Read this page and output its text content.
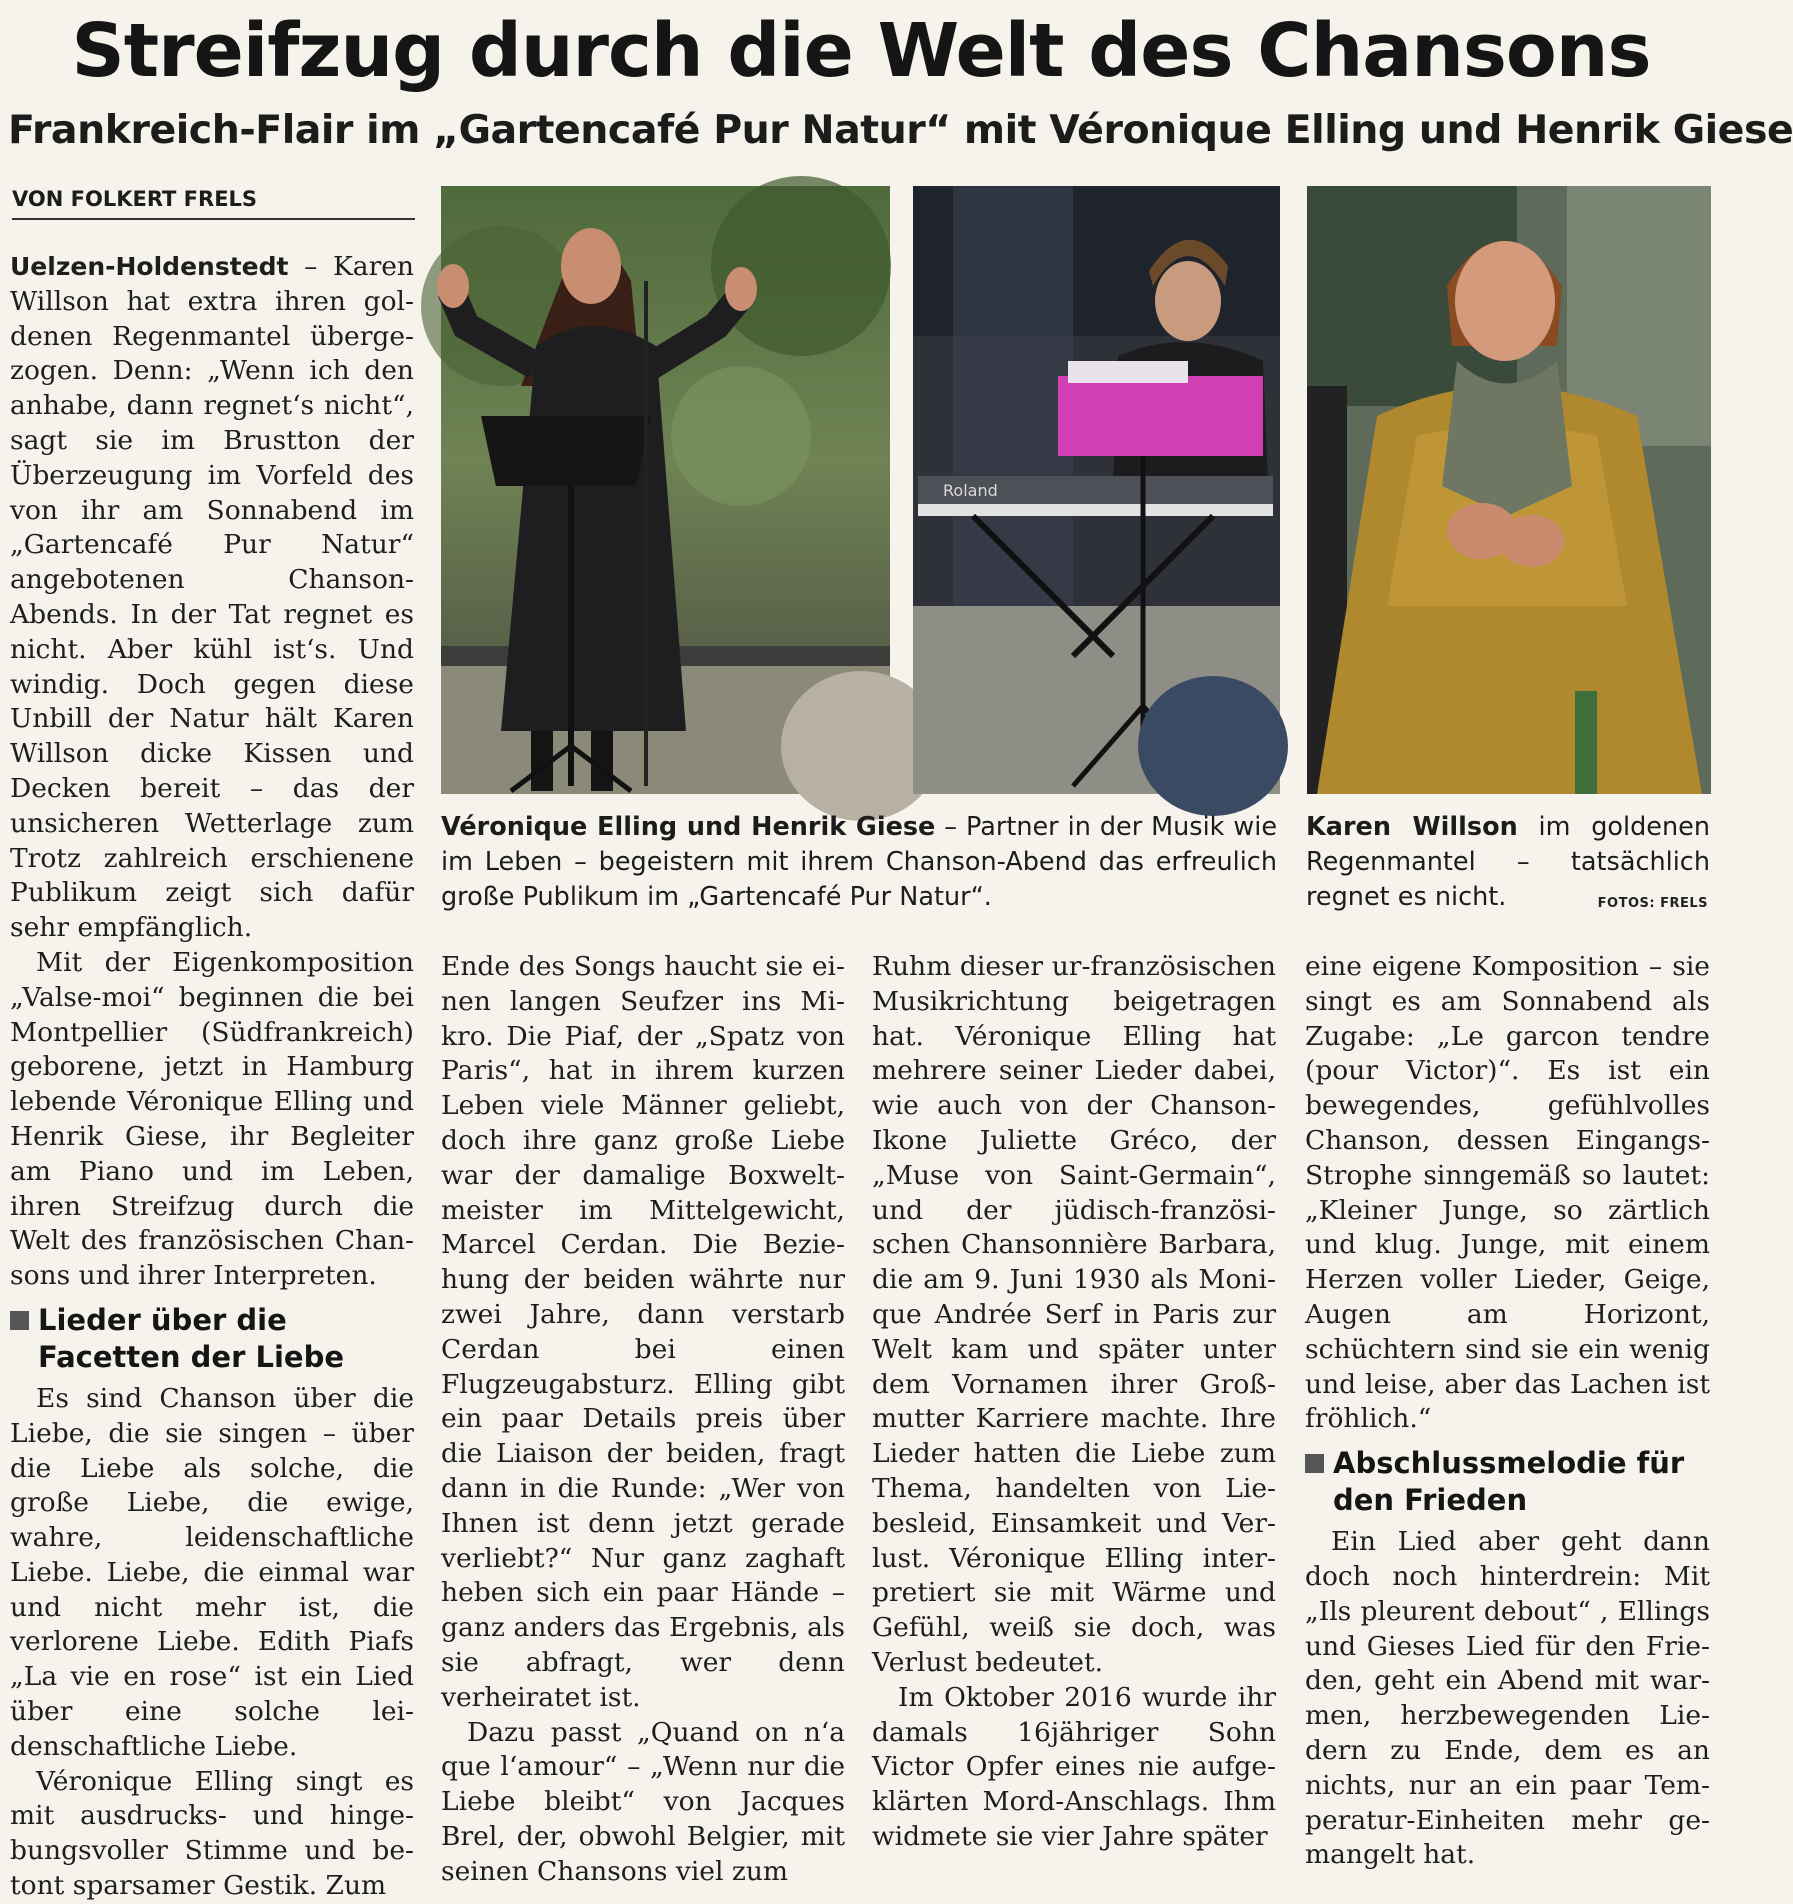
Streifzug durch die Welt des Chansons
Frankreich-Flair im „Gartencafé Pur Natur“ mit Véronique Elling und Henrik Giese
VON FOLKERT FRELS
Roland
Véronique Elling und Henrik Giese – Partner in der Musik wie im Leben – begeistern mit ihrem Chanson-Abend das erfreulich große Publikum im „Gartencafé Pur Natur“.
Karen Willson im goldenen Regenmantel – tatsächlich regnet es nicht.	FOTOS: FRELS

Uelzen-Holdenstedt – Karen Willson hat extra ihren goldenen Regenmantel übergezogen. Denn: „Wenn ich den anhabe, dann regnet‘s nicht“, sagt sie im Brustton der Überzeugung im Vorfeld des von ihr am Sonnabend im „Gartencafé Pur Natur“ angebotenen Chanson-Abends. In der Tat regnet es nicht. Aber kühl ist‘s. Und windig. Doch gegen diese Unbill der Natur hält Karen Willson dicke Kissen und Decken bereit – das der unsicheren Wetterlage zum Trotz zahlreich erschienene Publikum zeigt sich dafür sehr empfänglich.

Mit der Eigenkomposition „Valse-moi“ beginnen die bei Montpellier (Südfrankreich) geborene, jetzt in Hamburg lebende Véronique Elling und Henrik Giese, ihr Begleiter am Piano und im Leben, ihren Streifzug durch die Welt des französischen Chansons und ihrer Interpreten.

Lieder über die Facetten der Liebe

Es sind Chanson über die Liebe, die sie singen – über die Liebe als solche, die große Liebe, die ewige, wahre, leidenschaftliche Liebe. Liebe, die einmal war und nicht mehr ist, die verlorene Liebe. Edith Piafs „La vie en rose“ ist ein Lied über eine solche leidenschaftliche Liebe.

Véronique Elling singt es mit ausdrucks- und hingebungsvoller Stimme und betont sparsamer Gestik. Zum

Ende des Songs haucht sie einen langen Seufzer ins Mikro. Die Piaf, der „Spatz von Paris“, hat in ihrem kurzen Leben viele Männer geliebt, doch ihre ganz große Liebe war der damalige Boxweltmeister im Mittelgewicht, Marcel Cerdan. Die Beziehung der beiden währte nur zwei Jahre, dann verstarb Cerdan bei einen Flugzeugabsturz. Elling gibt ein paar Details preis über die Liaison der beiden, fragt dann in die Runde: „Wer von Ihnen ist denn jetzt gerade verliebt?“ Nur ganz zaghaft heben sich ein paar Hände – ganz anders das Ergebnis, als sie abfragt, wer denn verheiratet ist.

Dazu passt „Quand on n‘a que l‘amour“ – „Wenn nur die Liebe bleibt“ von Jacques Brel, der, obwohl Belgier, mit seinen Chansons viel zum

Ruhm dieser ur-französischen Musikrichtung beigetragen hat. Véronique Elling hat mehrere seiner Lieder dabei, wie auch von der Chanson-Ikone Juliette Gréco, der „Muse von Saint-Germain“, und der jüdisch-französischen Chansonnière Barbara, die am 9. Juni 1930 als Monique Andrée Serf in Paris zur Welt kam und später unter dem Vornamen ihrer Großmutter Karriere machte. Ihre Lieder hatten die Liebe zum Thema, handelten von Liebesleid, Einsamkeit und Verlust. Véronique Elling interpretiert sie mit Wärme und Gefühl, weiß sie doch, was Verlust bedeutet.

Im Oktober 2016 wurde ihr damals 16jähriger Sohn Victor Opfer eines nie aufgeklärten Mord-Anschlags. Ihm widmete sie vier Jahre später

eine eigene Komposition – sie singt es am Sonnabend als Zugabe: „Le garcon tendre (pour Victor)“. Es ist ein bewegendes, gefühlvolles Chanson, dessen Eingangs-Strophe sinngemäß so lautet: „Kleiner Junge, so zärtlich und klug. Junge, mit einem Herzen voller Lieder, Geige, Augen am Horizont, schüchtern sind sie ein wenig und leise, aber das Lachen ist fröhlich.“

Abschlussmelodie für den Frieden

Ein Lied aber geht dann doch noch hinterdrein: Mit „Ils pleurent debout“ , Ellings und Gieses Lied für den Frieden, geht ein Abend mit warmen, herzbewegenden Liedern zu Ende, dem es an nichts, nur an ein paar Temperatur-Einheiten mehr gemangelt hat.
